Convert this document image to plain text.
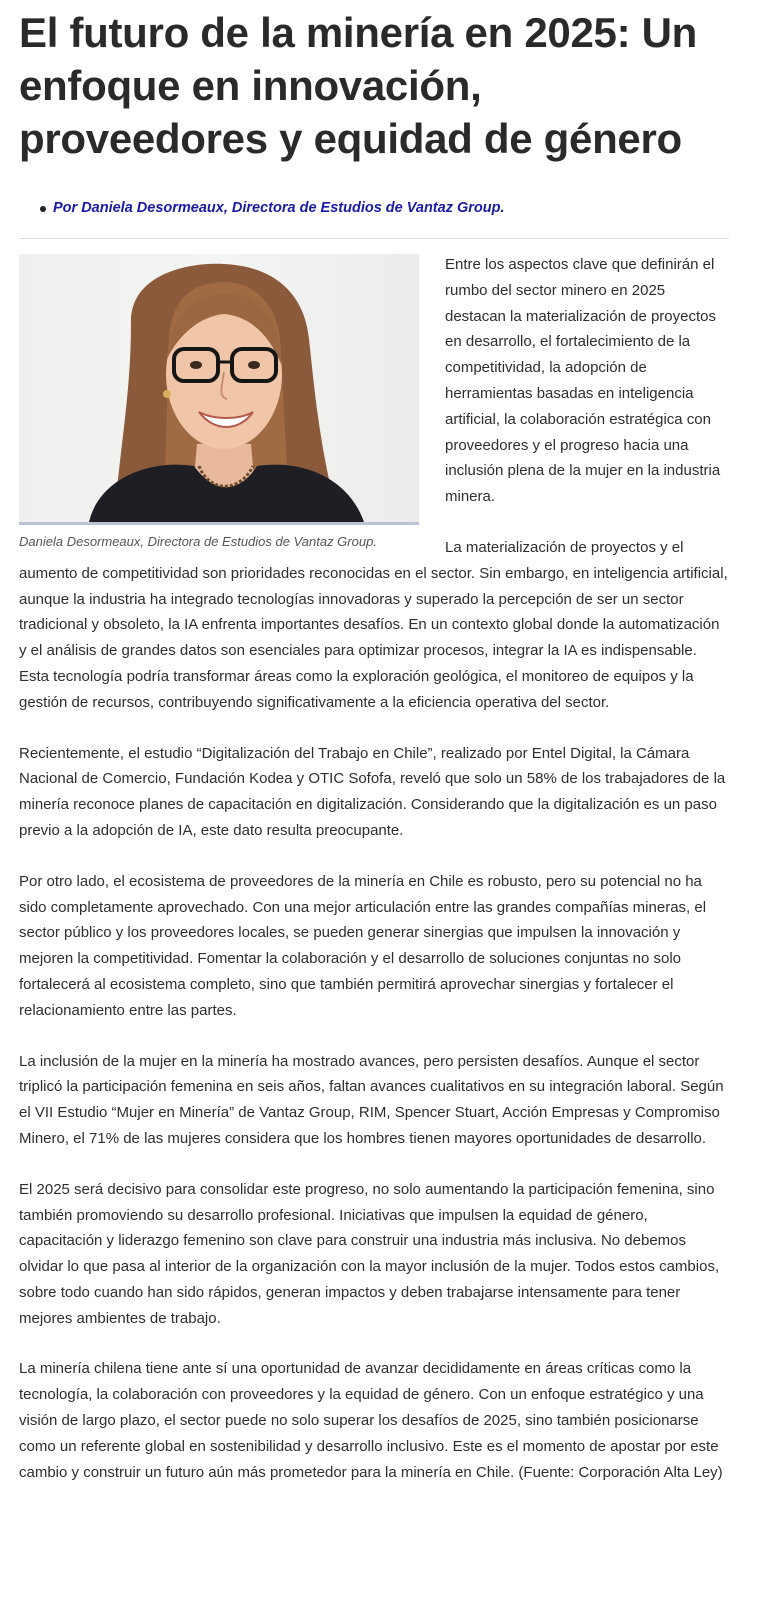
El futuro de la minería en 2025: Un enfoque en innovación, proveedores y equidad de género
Por Daniela Desormeaux, Directora de Estudios de Vantaz Group.
Daniela Desormeaux, Directora de Estudios de Vantaz Group.

Entre los aspectos clave que definirán el rumbo del sector minero en 2025 destacan la materialización de proyectos en desarrollo, el fortalecimiento de la competitividad, la adopción de herramientas basadas en inteligencia artificial, la colaboración estratégica con proveedores y el progreso hacia una inclusión plena de la mujer en la industria minera.

La materialización de proyectos y el aumento de competitividad son prioridades reconocidas en el sector. Sin embargo, en inteligencia artificial, aunque la industria ha integrado tecnologías innovadoras y superado la percepción de ser un sector tradicional y obsoleto, la IA enfrenta importantes desafíos. En un contexto global donde la automatización y el análisis de grandes datos son esenciales para optimizar procesos, integrar la IA es indispensable. Esta tecnología podría transformar áreas como la exploración geológica, el monitoreo de equipos y la gestión de recursos, contribuyendo significativamente a la eficiencia operativa del sector.

Recientemente, el estudio “Digitalización del Trabajo en Chile”, realizado por Entel Digital, la Cámara Nacional de Comercio, Fundación Kodea y OTIC Sofofa, reveló que solo un 58% de los trabajadores de la minería reconoce planes de capacitación en digitalización. Considerando que la digitalización es un paso previo a la adopción de IA, este dato resulta preocupante.

Por otro lado, el ecosistema de proveedores de la minería en Chile es robusto, pero su potencial no ha sido completamente aprovechado. Con una mejor articulación entre las grandes compañías mineras, el sector público y los proveedores locales, se pueden generar sinergias que impulsen la innovación y mejoren la competitividad. Fomentar la colaboración y el desarrollo de soluciones conjuntas no solo fortalecerá al ecosistema completo, sino que también permitirá aprovechar sinergias y fortalecer el relacionamiento entre las partes.

La inclusión de la mujer en la minería ha mostrado avances, pero persisten desafíos. Aunque el sector triplicó la participación femenina en seis años, faltan avances cualitativos en su integración laboral. Según el VII Estudio “Mujer en Minería” de Vantaz Group, RIM, Spencer Stuart, Acción Empresas y Compromiso Minero, el 71% de las mujeres considera que los hombres tienen mayores oportunidades de desarrollo.

El 2025 será decisivo para consolidar este progreso, no solo aumentando la participación femenina, sino también promoviendo su desarrollo profesional. Iniciativas que impulsen la equidad de género, capacitación y liderazgo femenino son clave para construir una industria más inclusiva. No debemos olvidar lo que pasa al interior de la organización con la mayor inclusión de la mujer. Todos estos cambios, sobre todo cuando han sido rápidos, generan impactos y deben trabajarse intensamente para tener mejores ambientes de trabajo.

La minería chilena tiene ante sí una oportunidad de avanzar decididamente en áreas críticas como la tecnología, la colaboración con proveedores y la equidad de género. Con un enfoque estratégico y una visión de largo plazo, el sector puede no solo superar los desafíos de 2025, sino también posicionarse como un referente global en sostenibilidad y desarrollo inclusivo. Este es el momento de apostar por este cambio y construir un futuro aún más prometedor para la minería en Chile. (Fuente: Corporación Alta Ley)
